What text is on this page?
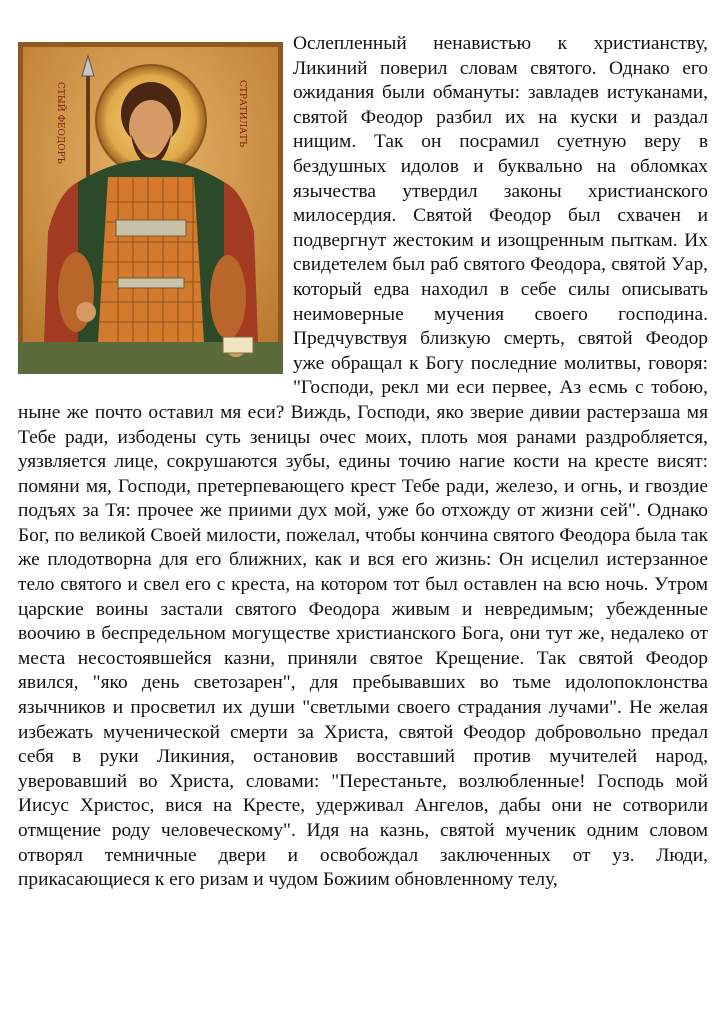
СТЫЙ ФЕОДОРЪ	СТРАТИЛАТЪ

Ослепленный ненавистью к христианству, Ликиний поверил словам святого. Однако его ожидания были обмануты: завладев истуканами, святой Феодор разбил их на куски и раздал нищим. Так он посрамил суетную веру в бездушных идолов и буквально на обломках язычества утвердил законы христианского милосердия. Святой Феодор был схвачен и подвергнут жестоким и изощренным пыткам. Их свидетелем был раб святого Феодора, святой Уар, который едва находил в себе силы описывать неимоверные мучения своего господина. Предчувствуя близкую смерть, святой Феодор уже обращал к Богу последние молитвы, говоря: "Господи, рекл ми еси первее, Аз есмь с тобою, ныне же почто оставил мя еси? Виждь, Господи, яко зверие дивии растерзаша мя Тебе ради, избодены суть зеницы очес моих, плоть моя ранами раздробляется, уязвляется лице, сокрушаются зубы, едины точию нагие кости на кресте висят: помяни мя, Господи, претерпевающего крест Тебе ради, железо, и огнь, и гвоздие подъях за Тя: прочее же приими дух мой, уже бо отхожду от жизни сей". Однако Бог, по великой Своей милости, пожелал, чтобы кончина святого Феодора была так же плодотворна для его ближних, как и вся его жизнь: Он исцелил истерзанное тело святого и свел его с креста, на котором тот был оставлен на всю ночь. Утром царские воины застали святого Феодора живым и невредимым; убежденные воочию в беспредельном могуществе христианского Бога, они тут же, недалеко от места несостоявшейся казни, приняли святое Крещение. Так святой Феодор явился, "яко день светозарен", для пребывавших во тьме идолопоклонства язычников и просветил их души "светлыми своего страдания лучами". Не желая избежать мученической смерти за Христа, святой Феодор добровольно предал себя в руки Ликиния, остановив восставший против мучителей народ, уверовавший во Христа, словами: "Перестаньте, возлюбленные! Господь мой Иисус Христос, вися на Кресте, удерживал Ангелов, дабы они не сотворили отмщение роду человеческому". Идя на казнь, святой мученик одним словом отворял темничные двери и освобождал заключенных от уз. Люди, прикасающиеся к его ризам и чудом Божиим обновленному телу,
